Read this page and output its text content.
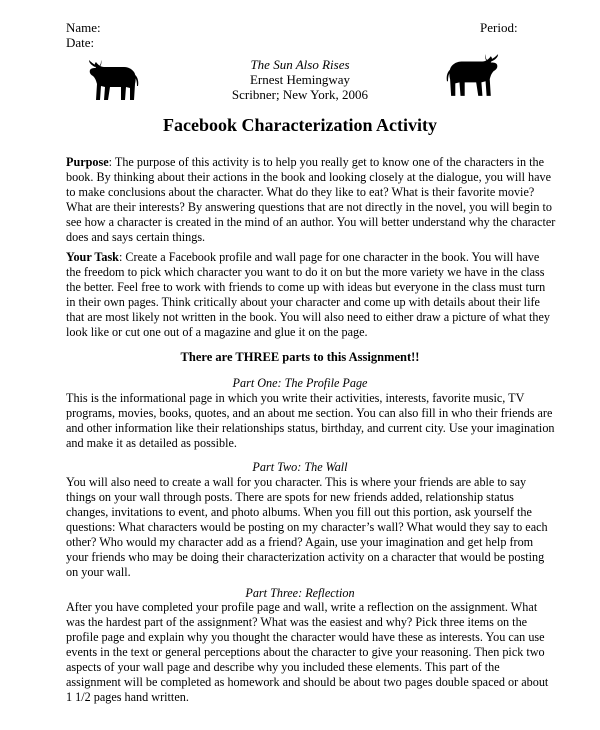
Name:
Date:
Period:
The Sun Also Rises
Ernest Hemingway
Scribner; New York, 2006
Facebook Characterization Activity
Purpose: The purpose of this activity is to help you really get to know one of the characters in the book. By thinking about their actions in the book and looking closely at the dialogue, you will have to make conclusions about the character. What do they like to eat? What is their favorite movie? What are their interests? By answering questions that are not directly in the novel, you will begin to see how a character is created in the mind of an author. You will better understand why the character does and says certain things.
Your Task: Create a Facebook profile and wall page for one character in the book. You will have the freedom to pick which character you want to do it on but the more variety we have in the class the better. Feel free to work with friends to come up with ideas but everyone in the class must turn in their own pages. Think critically about your character and come up with details about their life that are most likely not written in the book. You will also need to either draw a picture of what they look like or cut one out of a magazine and glue it on the page.
There are THREE parts to this Assignment!!
Part One: The Profile Page
This is the informational page in which you write their activities, interests, favorite music, TV programs, movies, books, quotes, and an about me section. You can also fill in who their friends are and other information like their relationships status, birthday, and current city. Use your imagination and make it as detailed as possible.
Part Two: The Wall
You will also need to create a wall for you character. This is where your friends are able to say things on your wall through posts. There are spots for new friends added, relationship status changes, invitations to event, and photo albums. When you fill out this portion, ask yourself the questions: What characters would be posting on my character’s wall? What would they say to each other? Who would my character add as a friend? Again, use your imagination and get help from your friends who may be doing their characterization activity on a character that would be posting on your wall.
Part Three: Reflection
After you have completed your profile page and wall, write a reflection on the assignment. What was the hardest part of the assignment? What was the easiest and why? Pick three items on the profile page and explain why you thought the character would have these as interests. You can use events in the text or general perceptions about the character to give your reasoning. Then pick two aspects of your wall page and describe why you included these elements. This part of the assignment will be completed as homework and should be about two pages double spaced or about 1 1/2 pages hand written.
